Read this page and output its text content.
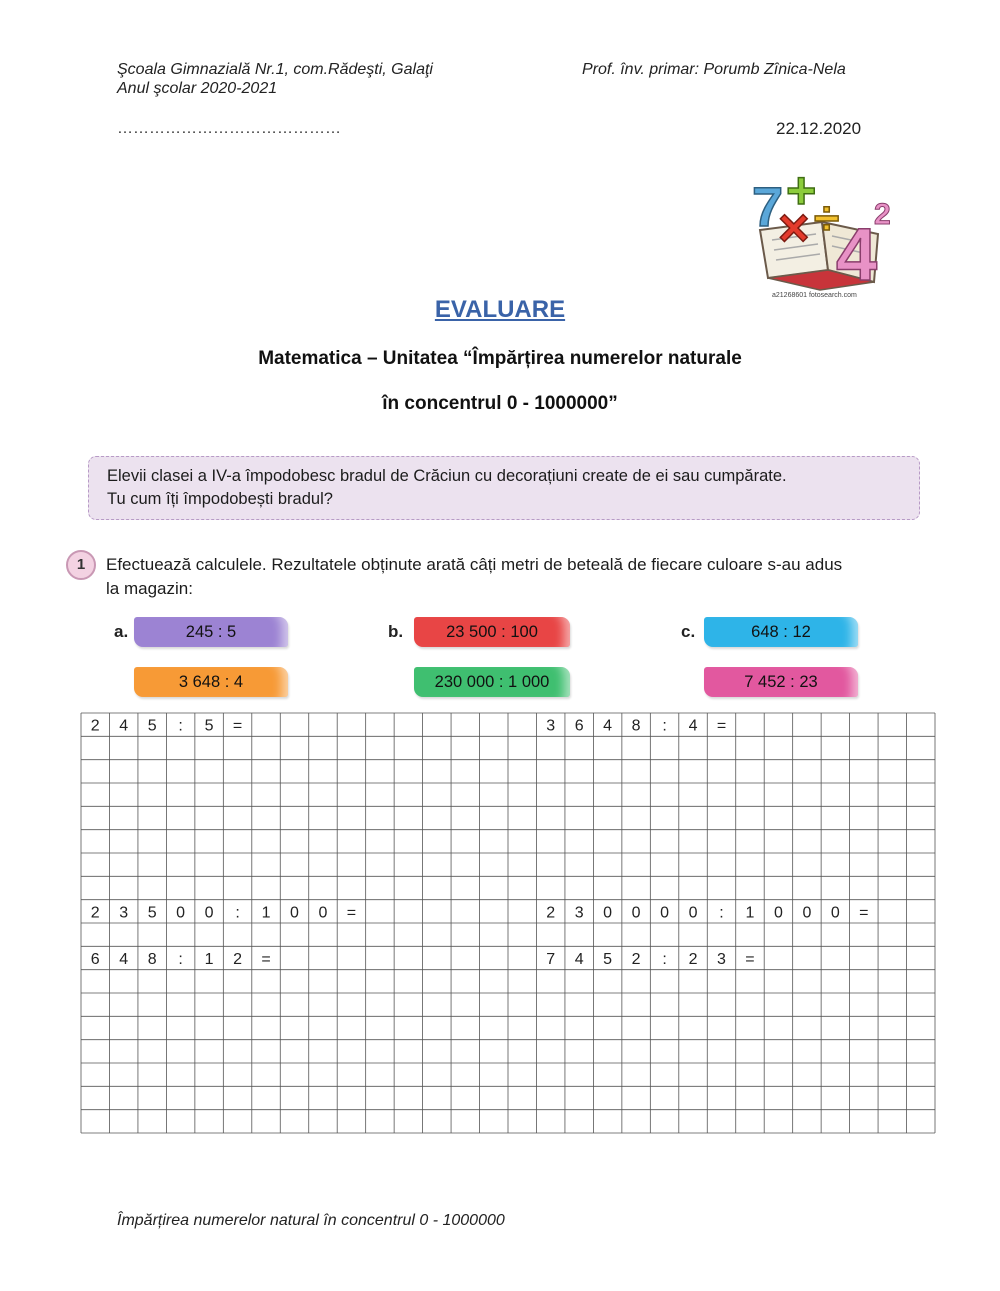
Şcoala Gimnazială Nr.1, com.Rădeşti, Galaţi
Anul şcolar 2020-2021
Prof. înv. primar: Porumb Zînica-Nela
……………………………………	22.12.2020
7 +
× ÷
4
2
a21268601 fotosearch.com
EVALUARE
Matematica – Unitatea “Împărțirea numerelor naturale
în concentrul 0 - 1000000”
Elevii clasei a IV-a împodobesc bradul de Crăciun cu decorațiuni create de ei sau cumpărate.
Tu cum îți împodobești bradul?
1	Efectuează calculele. Rezultatele obținute arată câți metri de beteală de fiecare culoare s-au adus
la magazin:
a.	b.	c.
245 : 5
3 648 : 4
23 500 : 100
230 000 : 1 000
648 : 12
7 452 : 23
2 4 5 : 5 =	3 6 4 8 : 4 =
2 3 5 0 0 : 1 0 0 =	2 3 0 0 0 0 : 1 0 0 0 =
6 4 8 : 1 2 =	7 4 5 2 : 2 3 =
Împărțirea numerelor natural în concentrul 0 - 1000000
